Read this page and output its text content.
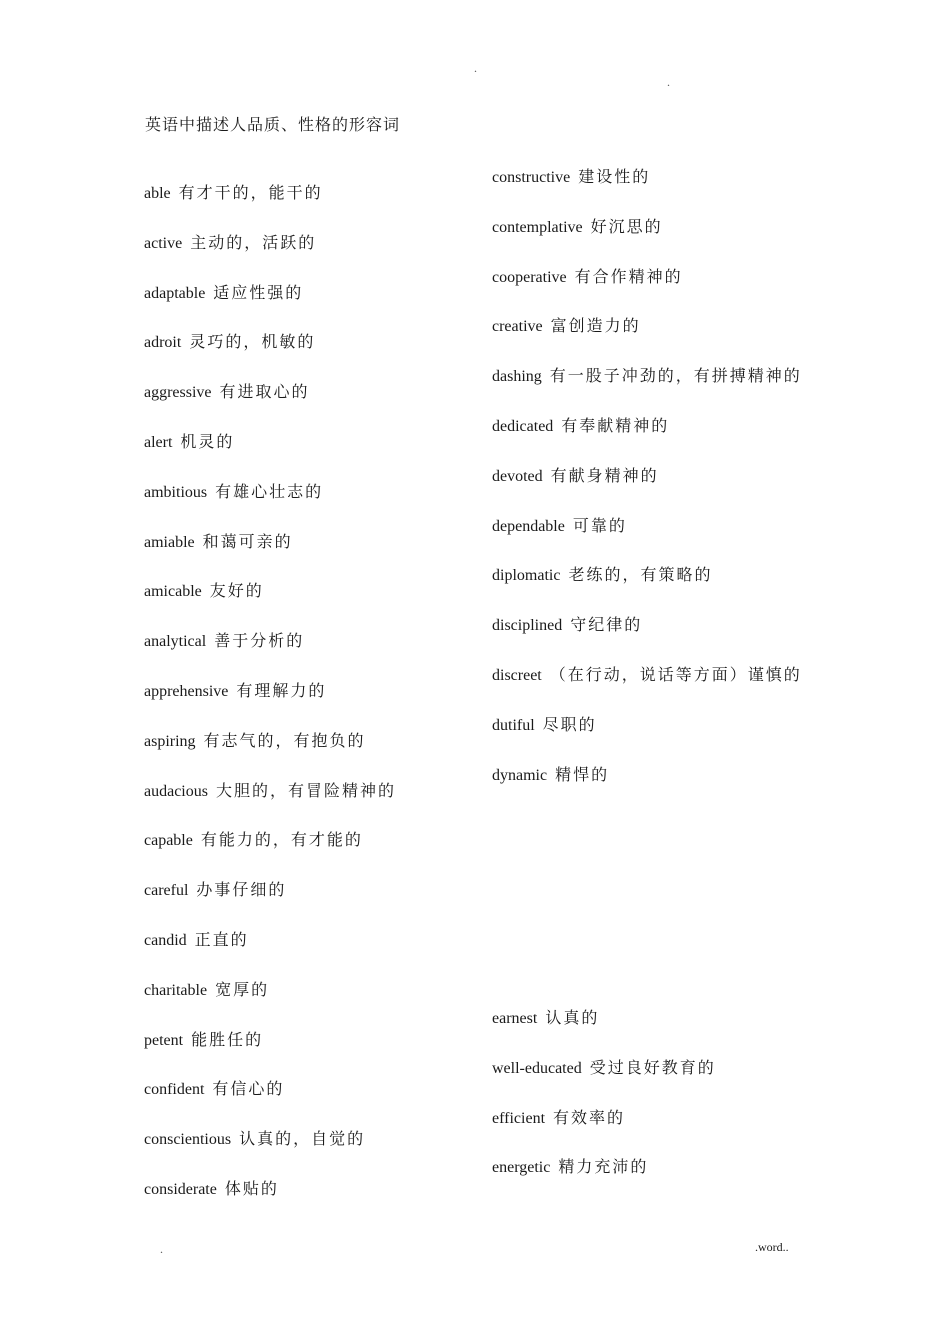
.
.
英语中描述人品质、性格的形容词
able 有才干的，能干的
active 主动的，活跃的
adaptable 适应性强的
adroit 灵巧的，机敏的
aggressive 有进取心的
alert 机灵的
ambitious 有雄心壮志的
amiable 和蔼可亲的
amicable 友好的
analytical 善于分析的
apprehensive 有理解力的
aspiring 有志气的，有抱负的
audacious 大胆的，有冒险精神的
capable 有能力的，有才能的
careful 办事仔细的
candid 正直的
charitable 宽厚的
petent 能胜任的
confident 有信心的
conscientious 认真的，自觉的
considerate 体贴的
constructive 建设性的
contemplative 好沉思的
cooperative 有合作精神的
creative 富创造力的
dashing 有一股子冲劲的，有拼搏精神的
dedicated 有奉献精神的
devoted 有献身精神的
dependable 可靠的
diplomatic 老练的，有策略的
disciplined 守纪律的
discreet （在行动，说话等方面）谨慎的
dutiful 尽职的
dynamic 精悍的
earnest 认真的
well-educated 受过良好教育的
efficient 有效率的
energetic 精力充沛的
.	.word..
